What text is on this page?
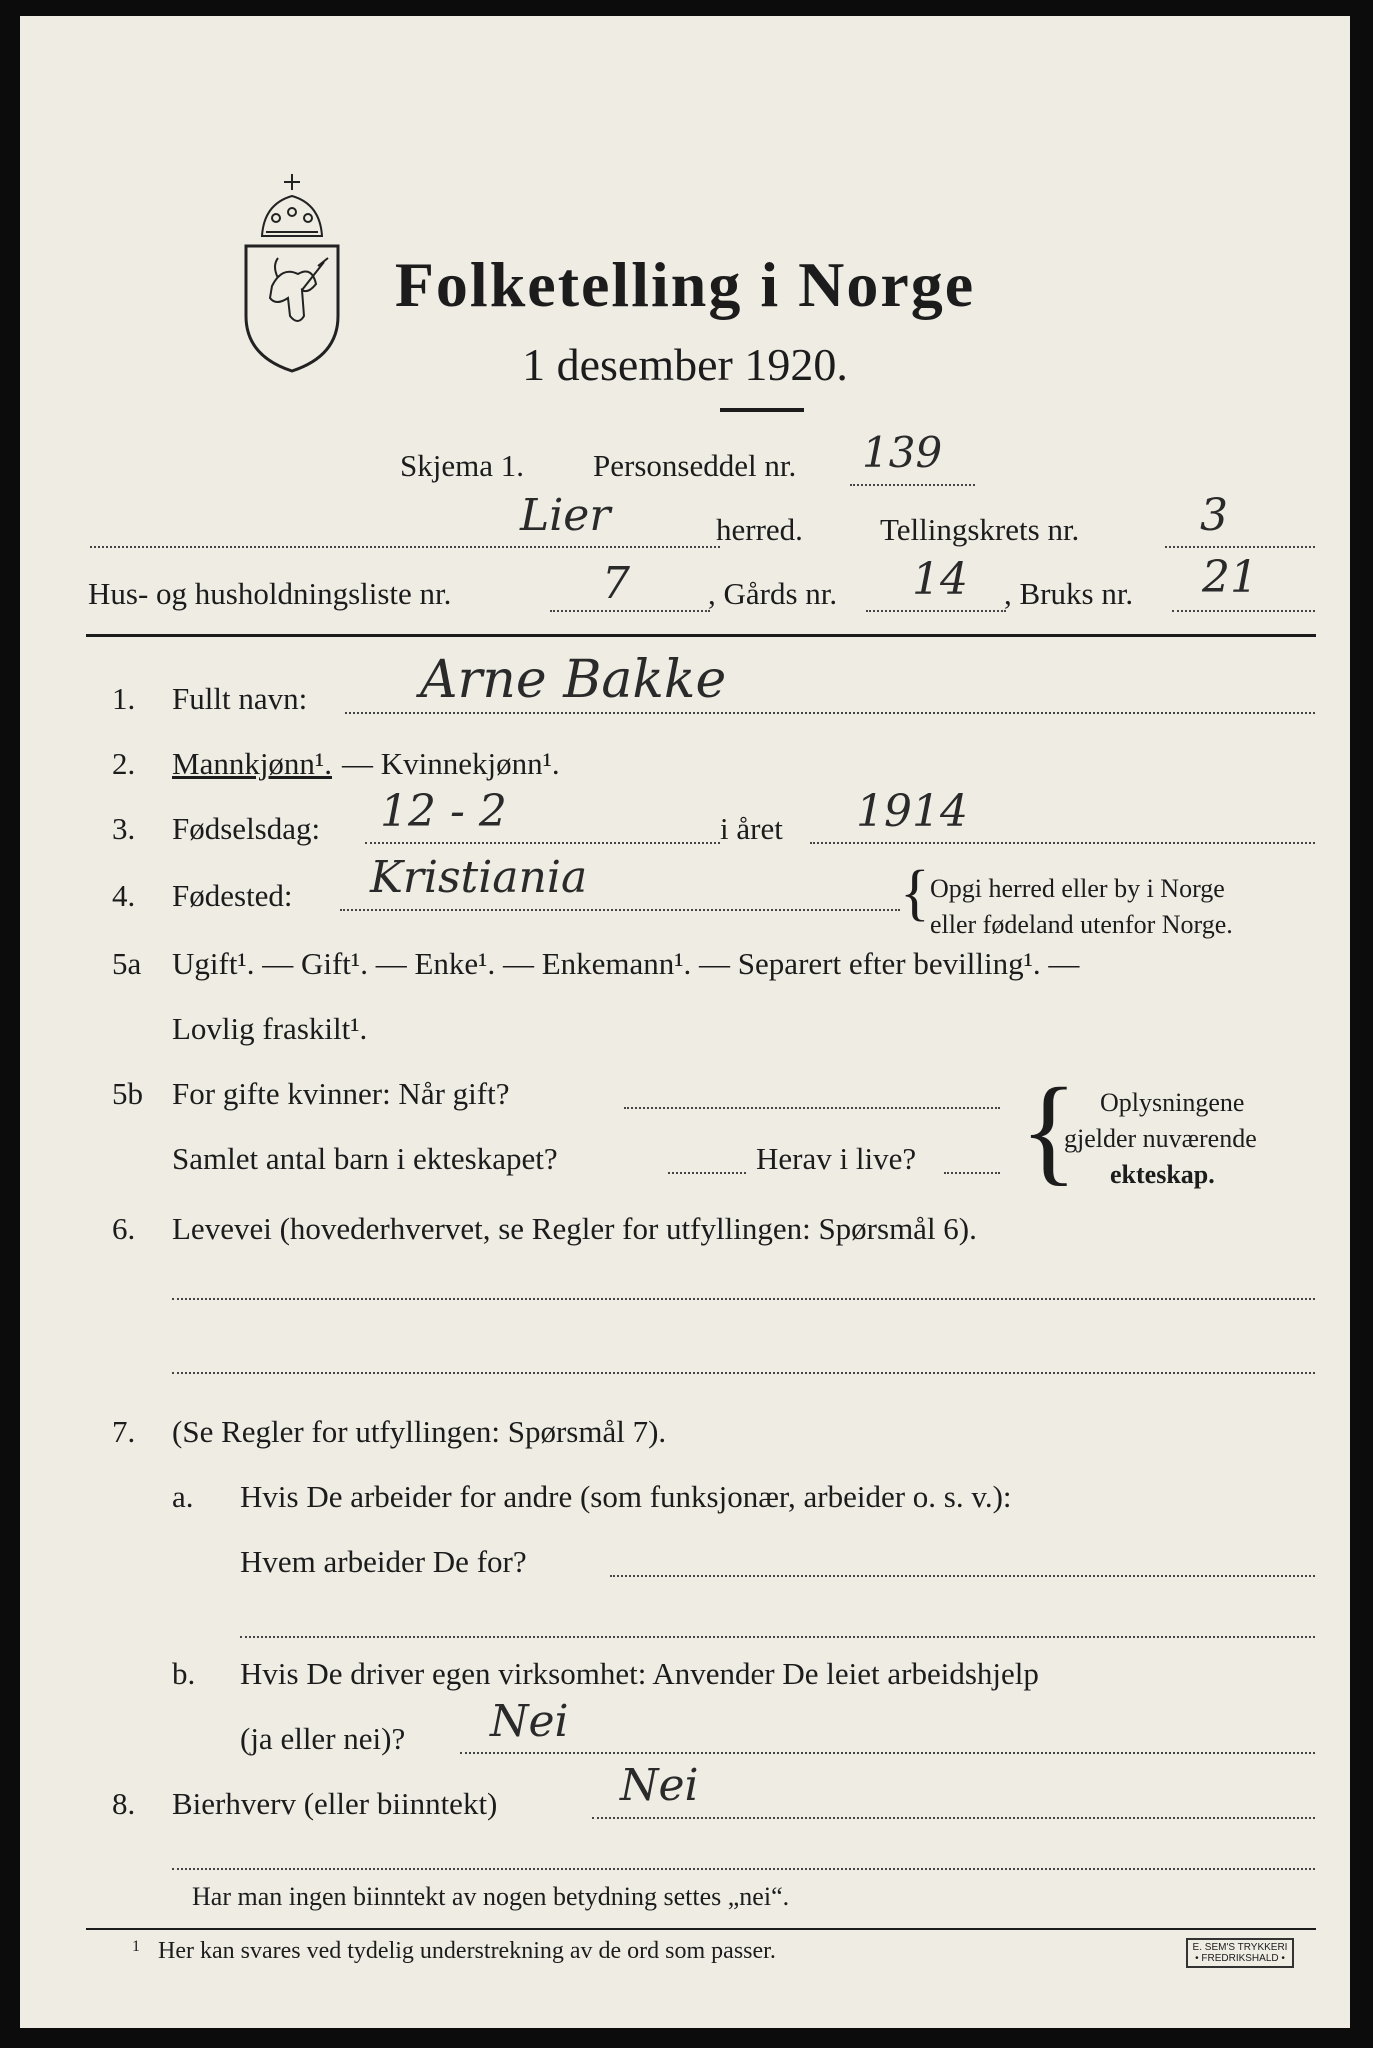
Folketelling i Norge
1 desember 1920.
Skjema 1. Personseddel nr. 139
Lier	herred. Tellingskrets nr.	3
Hus- og husholdningsliste nr.	7	, Gårds nr. 14 , Bruks nr. 21
1. Fullt navn: Arne Bakke
2. Mannkjønn¹. — Kvinnekjønn¹.
3. Fødselsdag: 12 - 2	i året 1914
4. Fødested: Kristiania	{ Opgi herred eller by i Norge
eller fødeland utenfor Norge.
5a Ugift¹. — Gift¹. — Enke¹. — Enkemann¹. — Separert efter bevilling¹. —
Lovlig fraskilt¹.
5b For gifte kvinner: Når gift?
Samlet antal barn i ekteskapet?	Herav i live? { Oplysningene
gjelder nuværende
ekteskap.
6. Levevei (hovederhvervet, se Regler for utfyllingen: Spørsmål 6).
7. (Se Regler for utfyllingen: Spørsmål 7).
a. Hvis De arbeider for andre (som funksjonær, arbeider o. s. v.):
Hvem arbeider De for?
b. Hvis De driver egen virksomhet: Anvender De leiet arbeidshjelp
(ja eller nei)? Nei
8. Bierhverv (eller biinntekt)	Nei
Har man ingen biinntekt av nogen betydning settes „nei“.
1 Her kan svares ved tydelig understrekning av de ord som passer.	E. SEM'S TRYKKERI
• FREDRIKSHALD •
